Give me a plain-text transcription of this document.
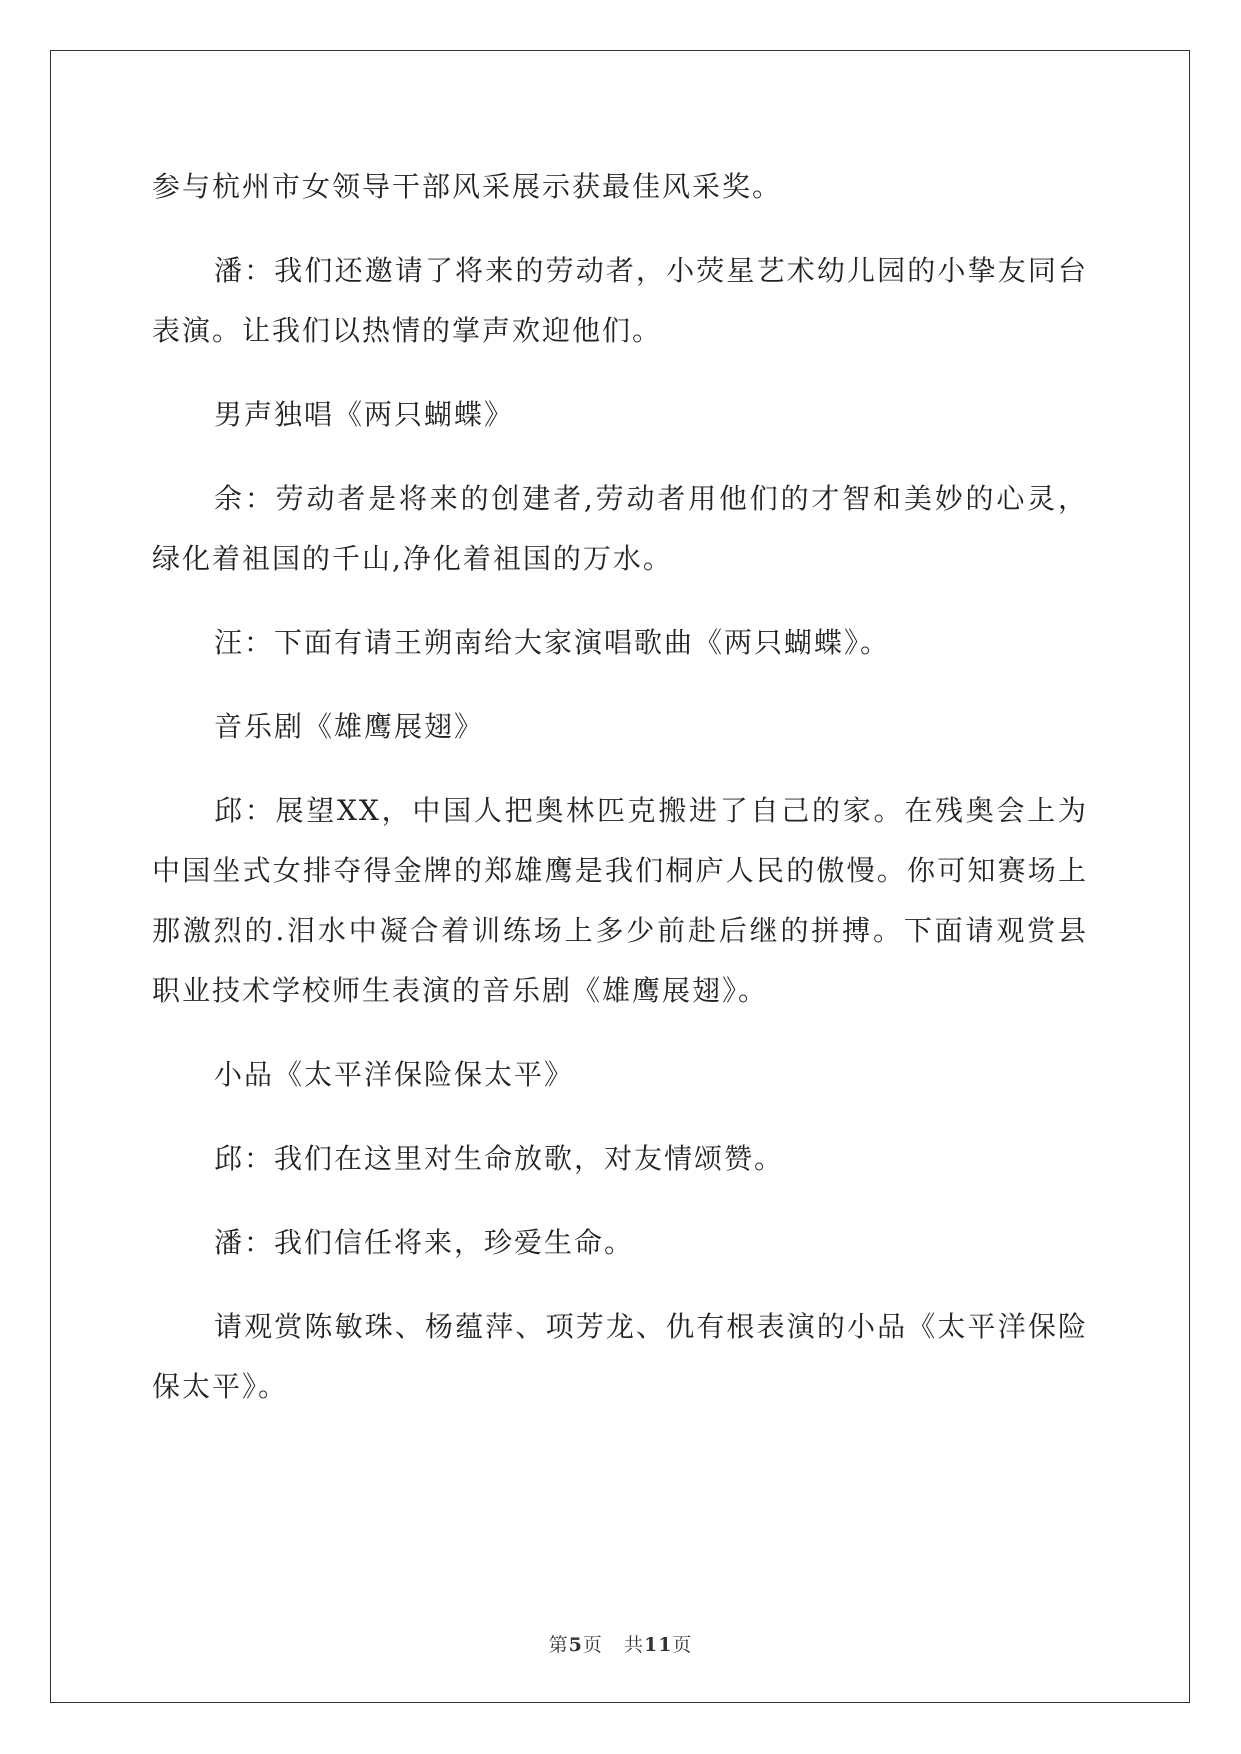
参与杭州市女领导干部风采展示获最佳风采奖。

潘：我们还邀请了将来的劳动者，小荧星艺术幼儿园的小挚友同台表演。让我们以热情的掌声欢迎他们。

男声独唱《两只蝴蝶》

余：劳动者是将来的创建者,劳动者用他们的才智和美妙的心灵，绿化着祖国的千山,净化着祖国的万水。

汪：下面有请王朔南给大家演唱歌曲《两只蝴蝶》。

音乐剧《雄鹰展翅》

邱：展望XX，中国人把奥林匹克搬进了自己的家。在残奥会上为中国坐式女排夺得金牌的郑雄鹰是我们桐庐人民的傲慢。你可知赛场上那激烈的.泪水中凝合着训练场上多少前赴后继的拼搏。下面请观赏县职业技术学校师生表演的音乐剧《雄鹰展翅》。

小品《太平洋保险保太平》

邱：我们在这里对生命放歌，对友情颂赞。

潘：我们信任将来，珍爱生命。

请观赏陈敏珠、杨蕴萍、项芳龙、仇有根表演的小品《太平洋保险保太平》。

第5页 共11页
